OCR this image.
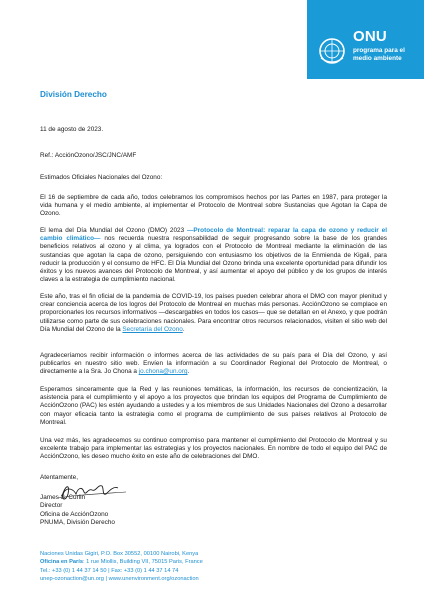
ONU
programa para el medio ambiente
División Derecho
11 de agosto de 2023.
Ref.: AcciónOzono/JSC/JNC/AMF
Estimados Oficiales Nacionales del Ozono:
El 16 de septiembre de cada año, todos celebramos los compromisos hechos por las Partes en 1987, para proteger la vida humana y el medio ambiente, al implementar el Protocolo de Montreal sobre Sustancias que Agotan la Capa de Ozono.
El lema del Día Mundial del Ozono (DMO) 2023 —Protocolo de Montreal: reparar la capa de ozono y reducir el cambio climático— nos recuerda nuestra responsabilidad de seguir progresando sobre la base de los grandes beneficios relativos al ozono y al clima, ya logrados con el Protocolo de Montreal mediante la eliminación de las sustancias que agotan la capa de ozono, persiguiendo con entusiasmo los objetivos de la Enmienda de Kigali, para reducir la producción y el consumo de HFC. El Día Mundial del Ozono brinda una excelente oportunidad para difundir los éxitos y los nuevos avances del Protocolo de Montreal, y así aumentar el apoyo del público y de los grupos de interés claves a la estrategia de cumplimiento nacional.
Este año, tras el fin oficial de la pandemia de COVID-19, los países pueden celebrar ahora el DMO con mayor plenitud y crear conciencia acerca de los logros del Protocolo de Montreal en muchas más personas. AcciónOzono se complace en proporcionarles los recursos informativos —descargables en todos los casos— que se detallan en el Anexo, y que podrán utilizarse como parte de sus celebraciones nacionales. Para encontrar otros recursos relacionados, visiten el sitio web del Día Mundial del Ozono de la Secretaría del Ozono.
Agradeceríamos recibir información o informes acerca de las actividades de su país para el Día del Ozono, y así publicarlos en nuestro sitio web. Envíen la información a su Coordinador Regional del Protocolo de Montreal, o directamente a la Sra. Jo Chona a jo.chona@un.org.
Esperamos sinceramente que la Red y las reuniones temáticas, la información, los recursos de concientización, la asistencia para el cumplimiento y el apoyo a los proyectos que brindan los equipos del Programa de Cumplimiento de AcciónOzono (PAC) les estén ayudando a ustedes y a los miembros de sus Unidades Nacionales del Ozono a desarrollar con mayor eficacia tanto la estrategia como el programa de cumplimiento de sus países relativos al Protocolo de Montreal.
Una vez más, les agradecemos su continuo compromiso para mantener el cumplimiento del Protocolo de Montreal y su excelente trabajo para implementar las estrategias y los proyectos nacionales. En nombre de todo el equipo del PAC de AcciónOzono, les deseo mucho éxito en este año de celebraciones del DMO.
Atentamente,
James S. Curlin
Director
Oficina de AcciónOzono
PNUMA, División Derecho
Naciones Unidas Gigiri, P.O. Box 30552, 00100 Nairobi, Kenya
Oficina en París: 1 rue Miollis, Building VII, 75015 Paris, France
Tel.: +33 (0) 1 44 37 14 50 | Fax: +33 (0) 1 44 37 14 74
unep-ozonaction@un.org | www.unenvironment.org/ozonaction
